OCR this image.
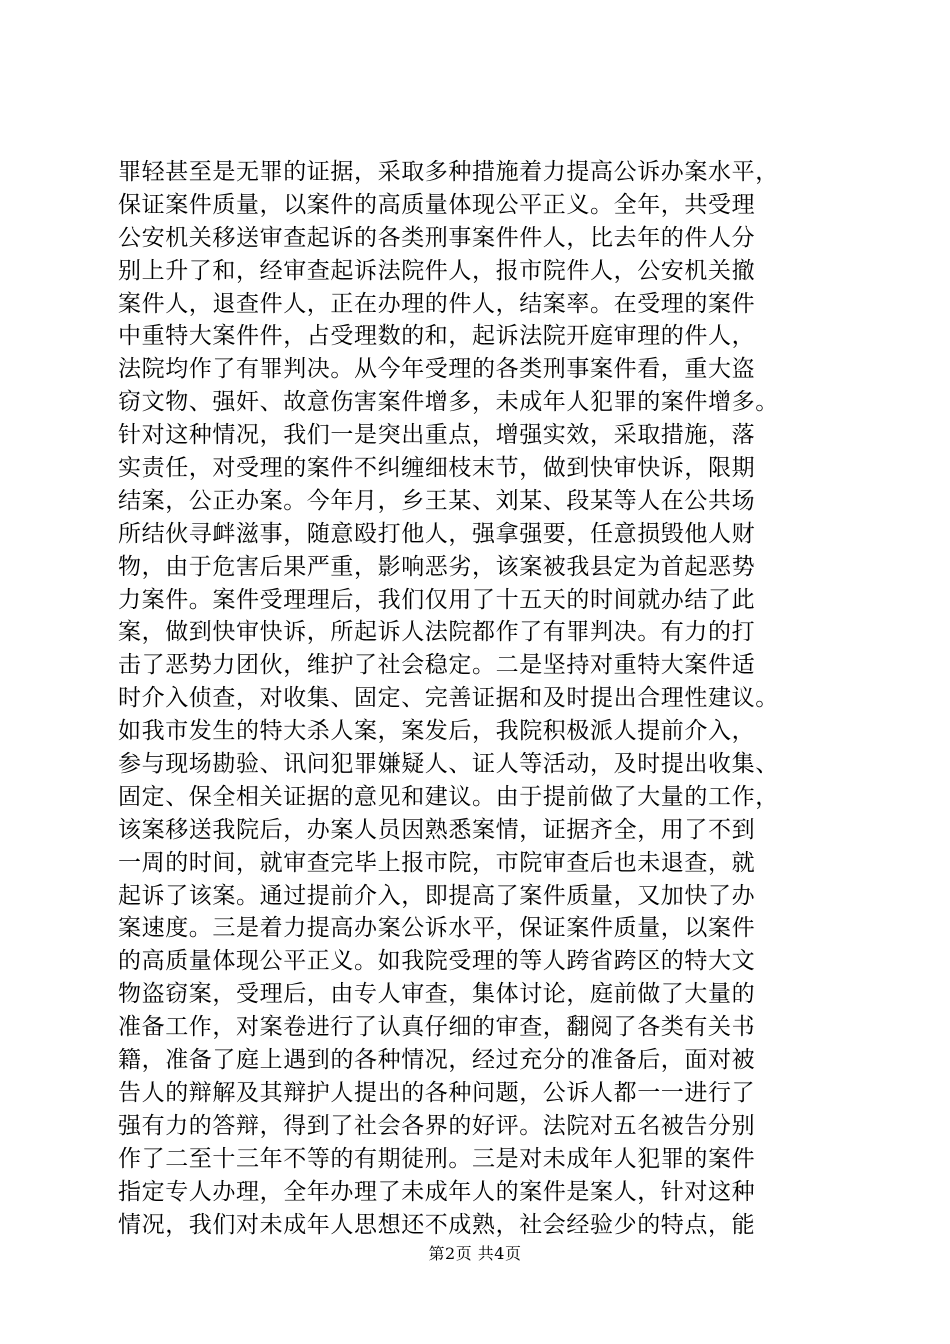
罪轻甚至是无罪的证据，采取多种措施着力提高公诉办案水平，
保证案件质量，以案件的高质量体现公平正义。全年，共受理
公安机关移送审查起诉的各类刑事案件件人，比去年的件人分
别上升了和，经审查起诉法院件人，报市院件人，公安机关撤
案件人，退查件人，正在办理的件人，结案率。在受理的案件
中重特大案件件，占受理数的和，起诉法院开庭审理的件人，
法院均作了有罪判决。从今年受理的各类刑事案件看，重大盗
窃文物、强奸、故意伤害案件增多，未成年人犯罪的案件增多。
针对这种情况，我们一是突出重点，增强实效，采取措施，落
实责任，对受理的案件不纠缠细枝末节，做到快审快诉，限期
结案，公正办案。今年月，乡王某、刘某、段某等人在公共场
所结伙寻衅滋事，随意殴打他人，强拿强要，任意损毁他人财
物，由于危害后果严重，影响恶劣，该案被我县定为首起恶势
力案件。案件受理理后，我们仅用了十五天的时间就办结了此
案，做到快审快诉，所起诉人法院都作了有罪判决。有力的打
击了恶势力团伙，维护了社会稳定。二是坚持对重特大案件适
时介入侦查，对收集、固定、完善证据和及时提出合理性建议。
如我市发生的特大杀人案，案发后，我院积极派人提前介入，
参与现场勘验、讯问犯罪嫌疑人、证人等活动，及时提出收集、
固定、保全相关证据的意见和建议。由于提前做了大量的工作，
该案移送我院后，办案人员因熟悉案情，证据齐全，用了不到
一周的时间，就审查完毕上报市院，市院审查后也未退查，就
起诉了该案。通过提前介入，即提高了案件质量，又加快了办
案速度。三是着力提高办案公诉水平，保证案件质量，以案件
的高质量体现公平正义。如我院受理的等人跨省跨区的特大文
物盗窃案，受理后，由专人审查，集体讨论，庭前做了大量的
准备工作，对案卷进行了认真仔细的审查，翻阅了各类有关书
籍，准备了庭上遇到的各种情况，经过充分的准备后，面对被
告人的辩解及其辩护人提出的各种问题，公诉人都一一进行了
强有力的答辩，得到了社会各界的好评。法院对五名被告分别
作了二至十三年不等的有期徒刑。三是对未成年人犯罪的案件
指定专人办理，全年办理了未成年人的案件是案人，针对这种
情况，我们对未成年人思想还不成熟，社会经验少的特点，能
第2页 共4页
